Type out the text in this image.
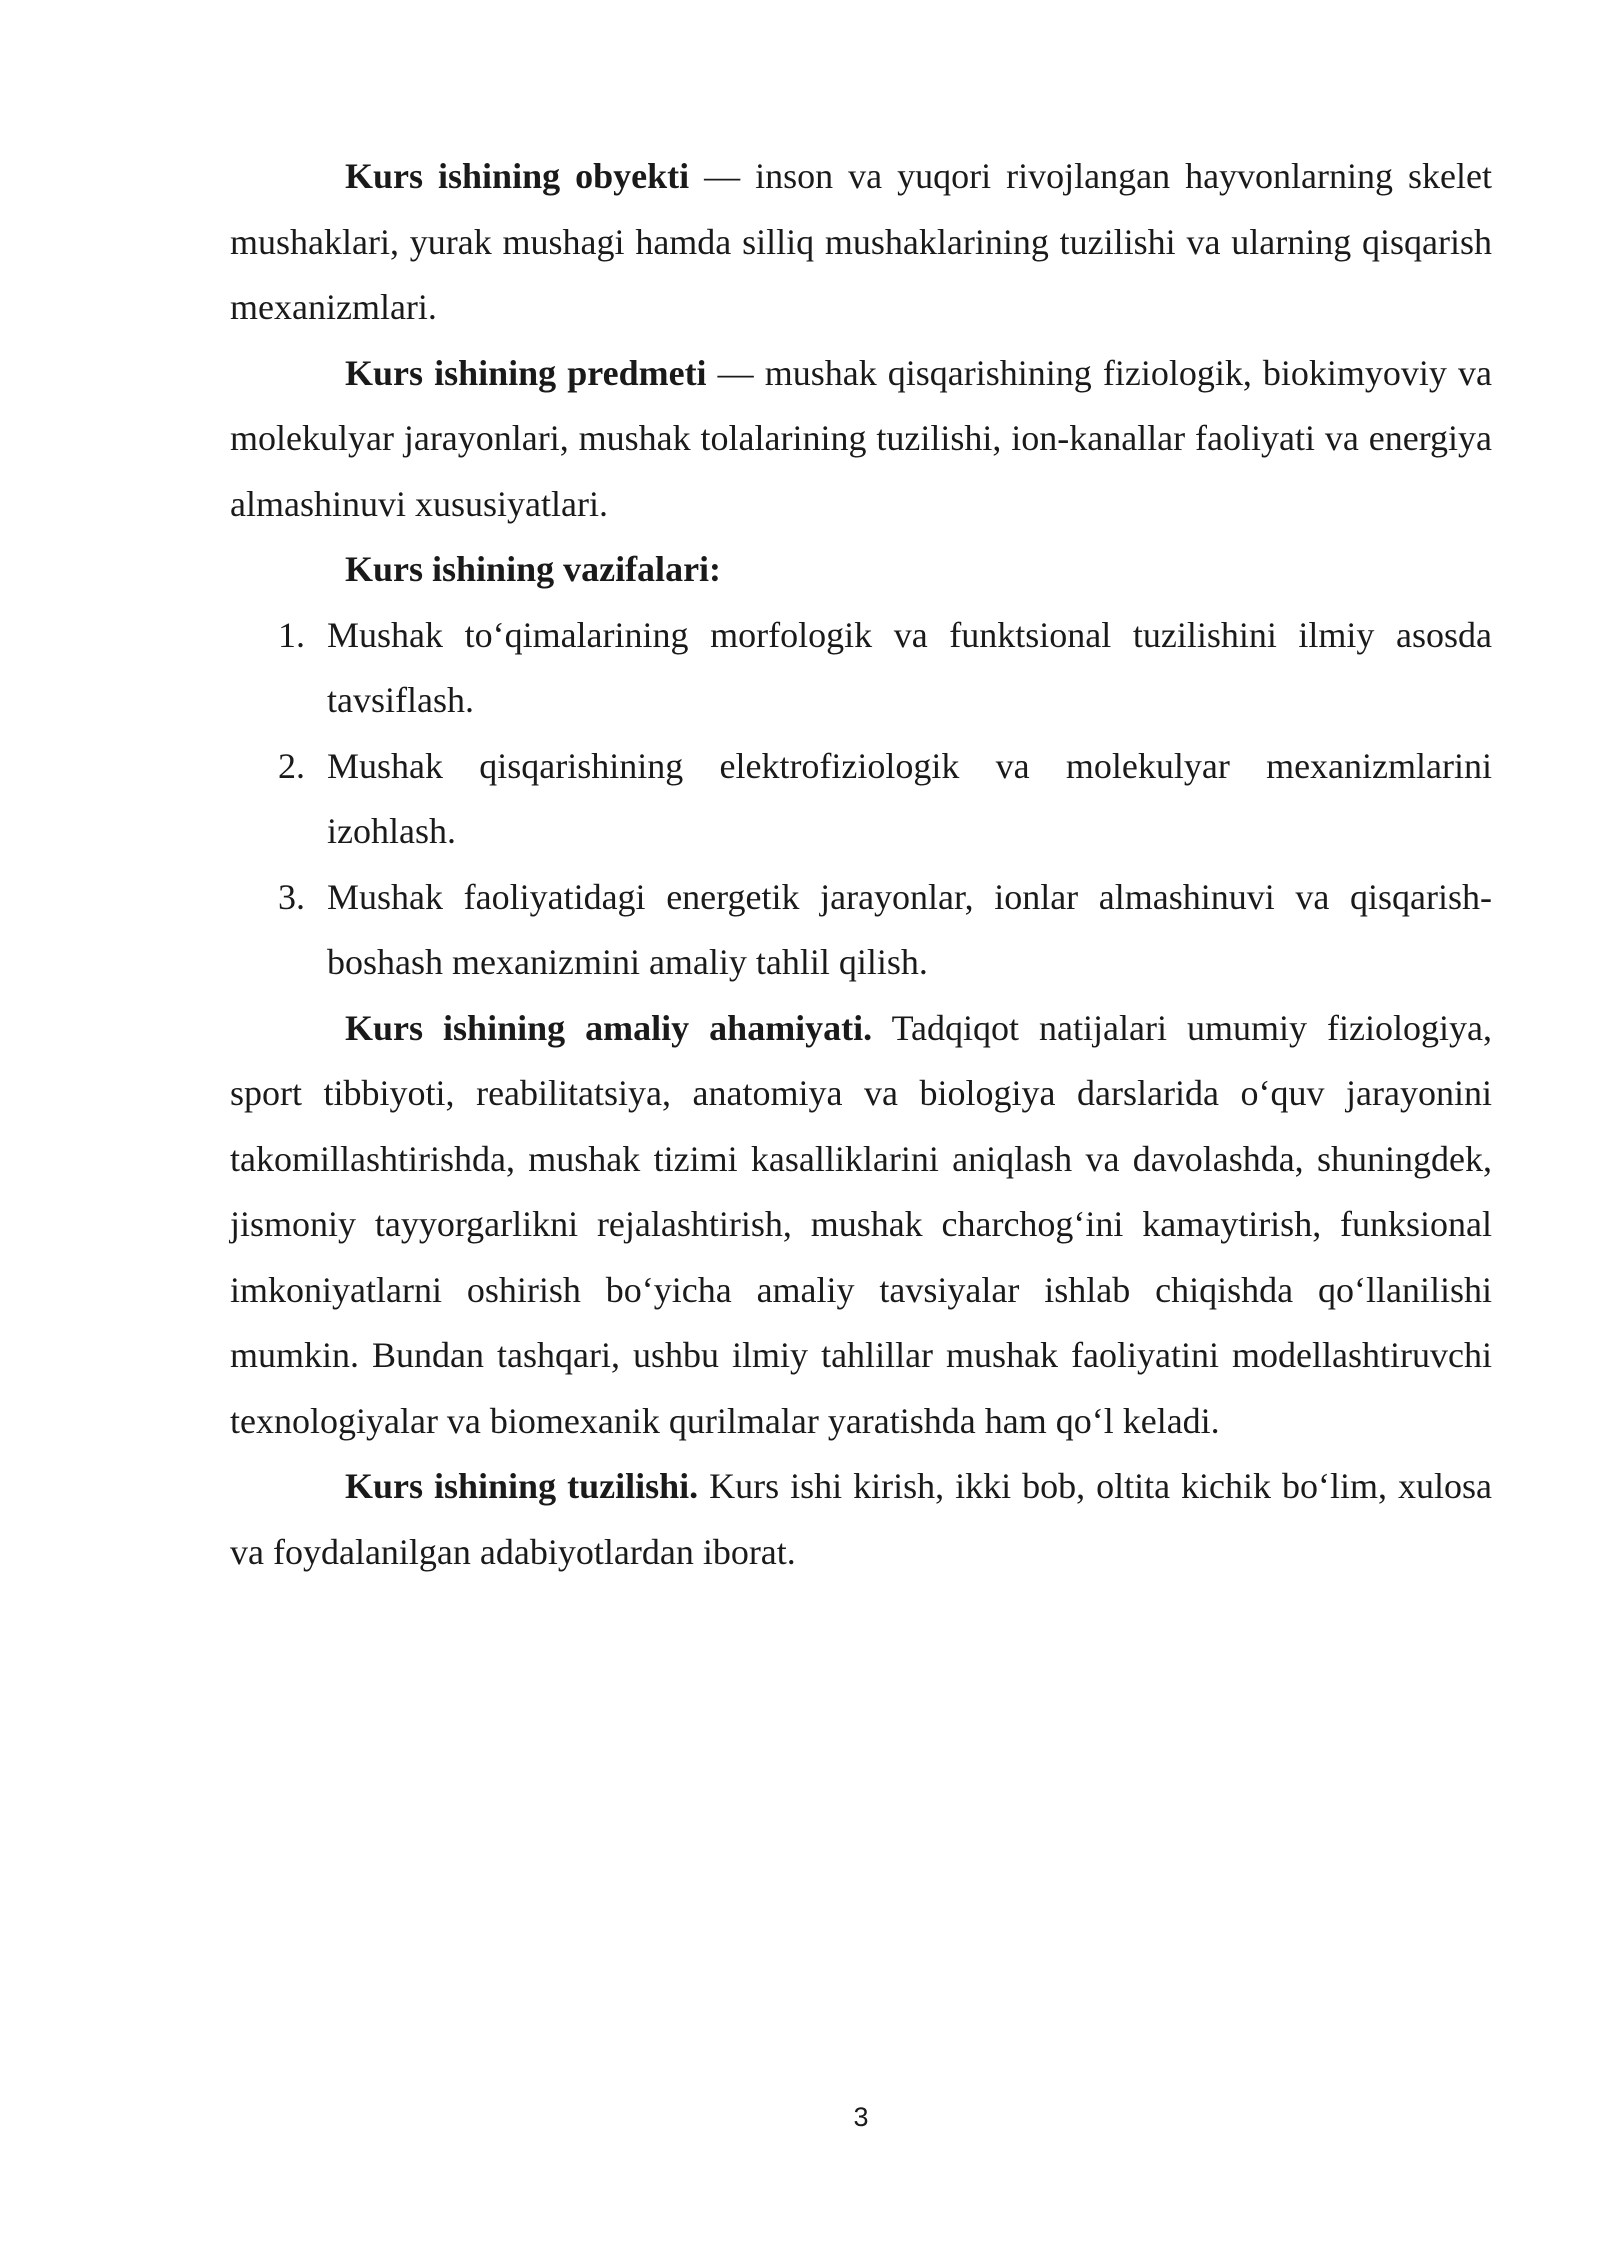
Kurs ishining obyekti — inson va yuqori rivojlangan hayvonlarning skelet mushaklari, yurak mushagi hamda silliq mushaklarining tuzilishi va ularning qisqarish mexanizmlari.

Kurs ishining predmeti — mushak qisqarishining fiziologik, biokimyoviy va molekulyar jarayonlari, mushak tolalarining tuzilishi, ion-kanallar faoliyati va energiya almashinuvi xususiyatlari.

Kurs ishining vazifalari:

1. Mushak to‘qimalarining morfologik va funktsional tuzilishini ilmiy asosda tavsiflash.
2. Mushak qisqarishining elektrofiziologik va molekulyar mexanizmlarini izohlash.
3. Mushak faoliyatidagi energetik jarayonlar, ionlar almashinuvi va qisqarish-boshash mexanizmini amaliy tahlil qilish.

Kurs ishining amaliy ahamiyati. Tadqiqot natijalari umumiy fiziologiya, sport tibbiyoti, reabilitatsiya, anatomiya va biologiya darslarida o‘quv jarayonini takomillashtirishda, mushak tizimi kasalliklarini aniqlash va davolashda, shuningdek, jismoniy tayyorgarlikni rejalashtirish, mushak charchog‘ini kamaytirish, funksional imkoniyatlarni oshirish bo‘yicha amaliy tavsiyalar ishlab chiqishda qo‘llanilishi mumkin. Bundan tashqari, ushbu ilmiy tahlillar mushak faoliyatini modellashtiruvchi texnologiyalar va biomexanik qurilmalar yaratishda ham qo‘l keladi.

Kurs ishining tuzilishi. Kurs ishi kirish, ikki bob, oltita kichik bo‘lim, xulosa va foydalanilgan adabiyotlardan iborat.

3
